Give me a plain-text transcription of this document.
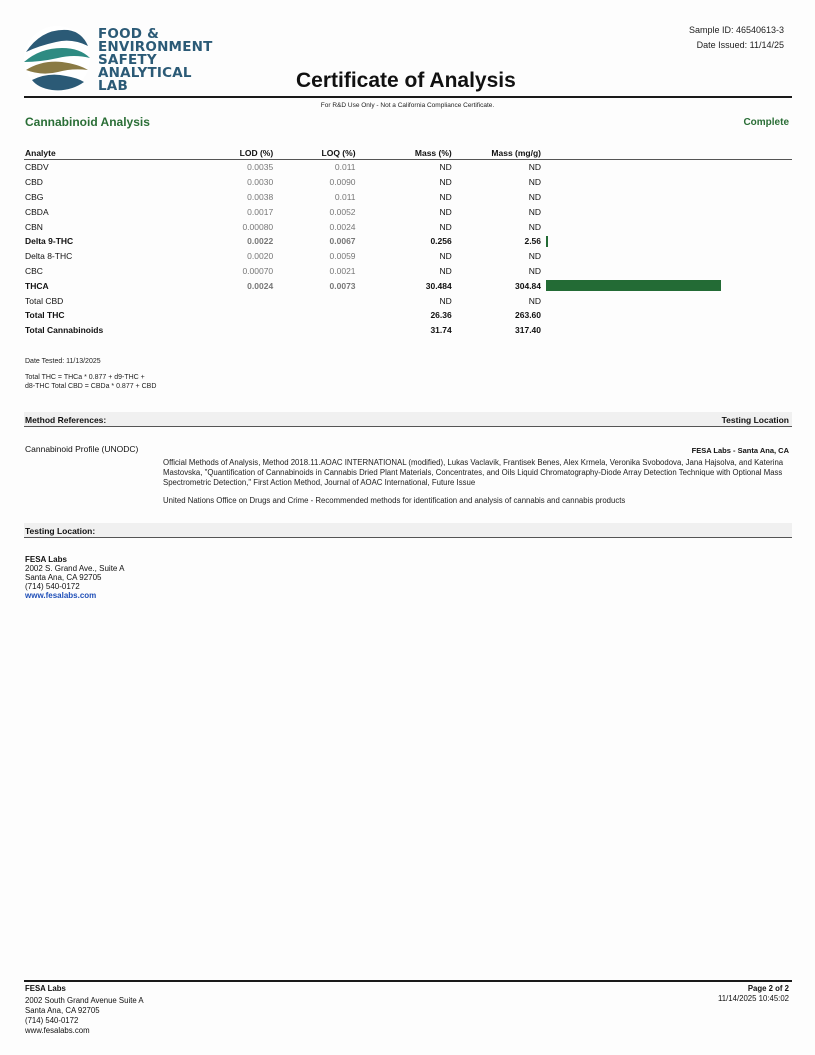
FOOD &
ENVIRONMENT
SAFETY
ANALYTICAL LAB
Sample ID: 46540613-3
Date Issued: 11/14/25
Certificate of Analysis
For R&D Use Only - Not a California Compliance Certificate.
Cannabinoid Analysis	Complete
Analyte	LOD (%)	LOQ (%)	Mass (%)	Mass (mg/g)	
CBDV	0.0035	0.011	ND	ND	
CBD	0.0030	0.0090	ND	ND	
CBG	0.0038	0.011	ND	ND	
CBDA	0.0017	0.0052	ND	ND	
CBN	0.00080	0.0024	ND	ND	
Delta 9-THC	0.0022	0.0067	0.256	2.56	

Delta 8-THC	0.0020	0.0059	ND	ND	
CBC	0.00070	0.0021	ND	ND	
THCA	0.0024	0.0073	30.484	304.84	

Total CBD			ND	ND	
Total THC			26.36	263.60	
Total Cannabinoids			31.74	317.40	
Date Tested: 11/13/2025
Total THC = THCa * 0.877 + d9-THC +
d8-THC Total CBD = CBDa * 0.877 + CBD
Method References:	Testing Location
Cannabinoid Profile (UNODC)	FESA Labs - Santa Ana, CA
Official Methods of Analysis, Method 2018.11.AOAC INTERNATIONAL (modified), Lukas Vaclavik, Frantisek Benes, Alex Krmela, Veronika Svobodova, Jana Hajsolva, and Katerina Mastovska, "Quantification of Cannabinoids in Cannabis Dried Plant Materials, Concentrates, and Oils Liquid Chromatography-Diode Array Detection Technique with Optional Mass Spectrometric Detection," First Action Method, Journal of AOAC International, Future Issue
United Nations Office on Drugs and Crime - Recommended methods for identification and analysis of cannabis and cannabis products
Testing Location:
FESA Labs
2002 S. Grand Ave., Suite A
Santa Ana, CA 92705
(714) 540-0172
www.fesalabs.com
FESA Labs
2002 South Grand Avenue Suite A
Santa Ana, CA 92705
(714) 540-0172
www.fesalabs.com
Page 2 of 2
11/14/2025 10:45:02
